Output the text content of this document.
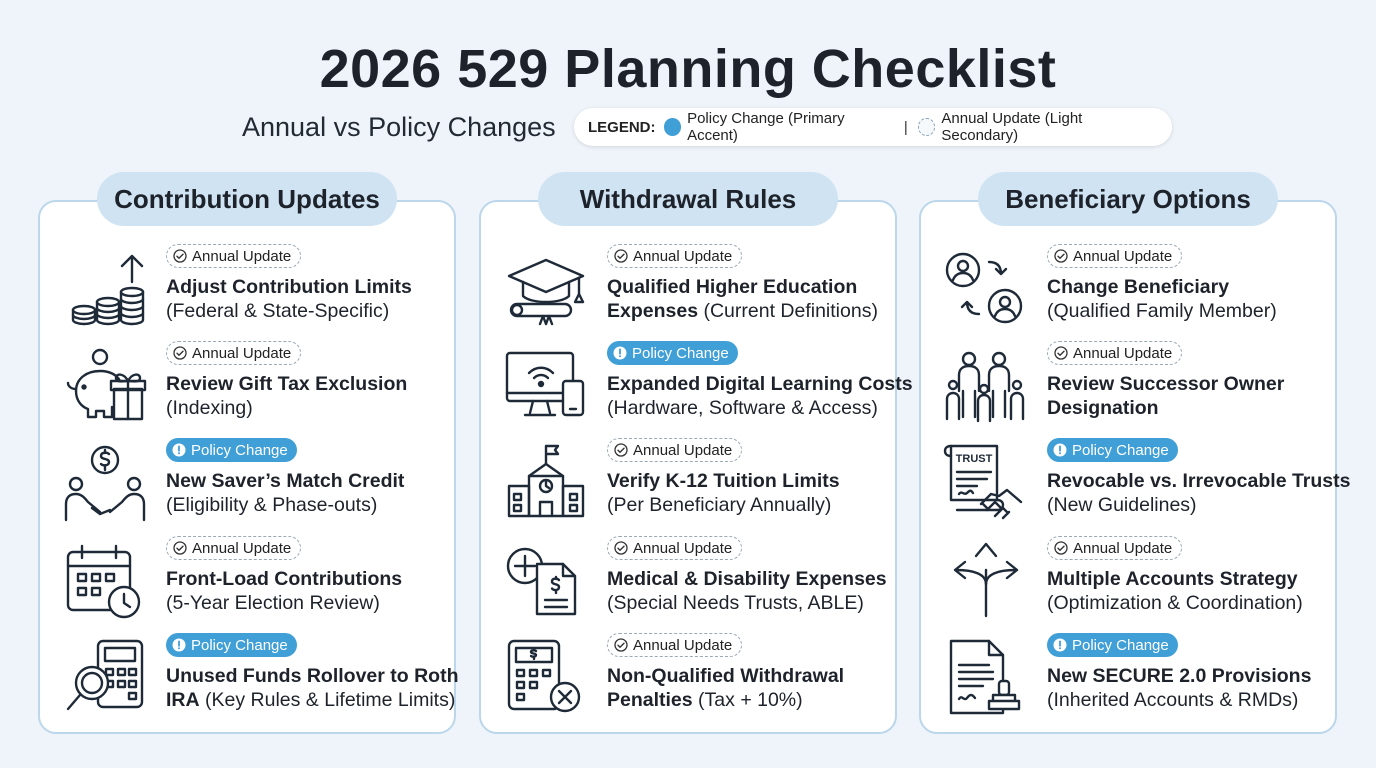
2026 529 Planning Checklist
Annual vs Policy Changes LEGEND: Policy Change (Primary Accent)	| Annual Update (Light Secondary)
Annual Update
Adjust Contribution Limits
(Federal & State-Specific)
Annual Update
Review Gift Tax Exclusion
(Indexing)
Policy Change
New Saver’s Match Credit
(Eligibility & Phase-outs)
Annual Update
Front-Load Contributions
(5-Year Election Review)
Policy Change
Unused Funds Rollover to Roth
IRA (Key Rules & Lifetime Limits)
Annual Update
Qualified Higher Education
Expenses (Current Definitions)
Policy Change
Expanded Digital Learning Costs
(Hardware, Software & Access)
Annual Update
Verify K-12 Tuition Limits
(Per Beneficiary Annually)
Annual Update
Medical & Disability Expenses
(Special Needs Trusts, ABLE)
Annual Update
Non-Qualified Withdrawal
Penalties (Tax + 10%)
Annual Update
Change Beneficiary
(Qualified Family Member)
Annual Update
Review Successor Owner
Designation
TRUST
Policy Change
Revocable vs. Irrevocable Trusts
(New Guidelines)
Annual Update
Multiple Accounts Strategy
(Optimization & Coordination)
Policy Change
New SECURE 2.0 Provisions
(Inherited Accounts & RMDs)
Contribution Updates	Withdrawal Rules	Beneficiary Options
